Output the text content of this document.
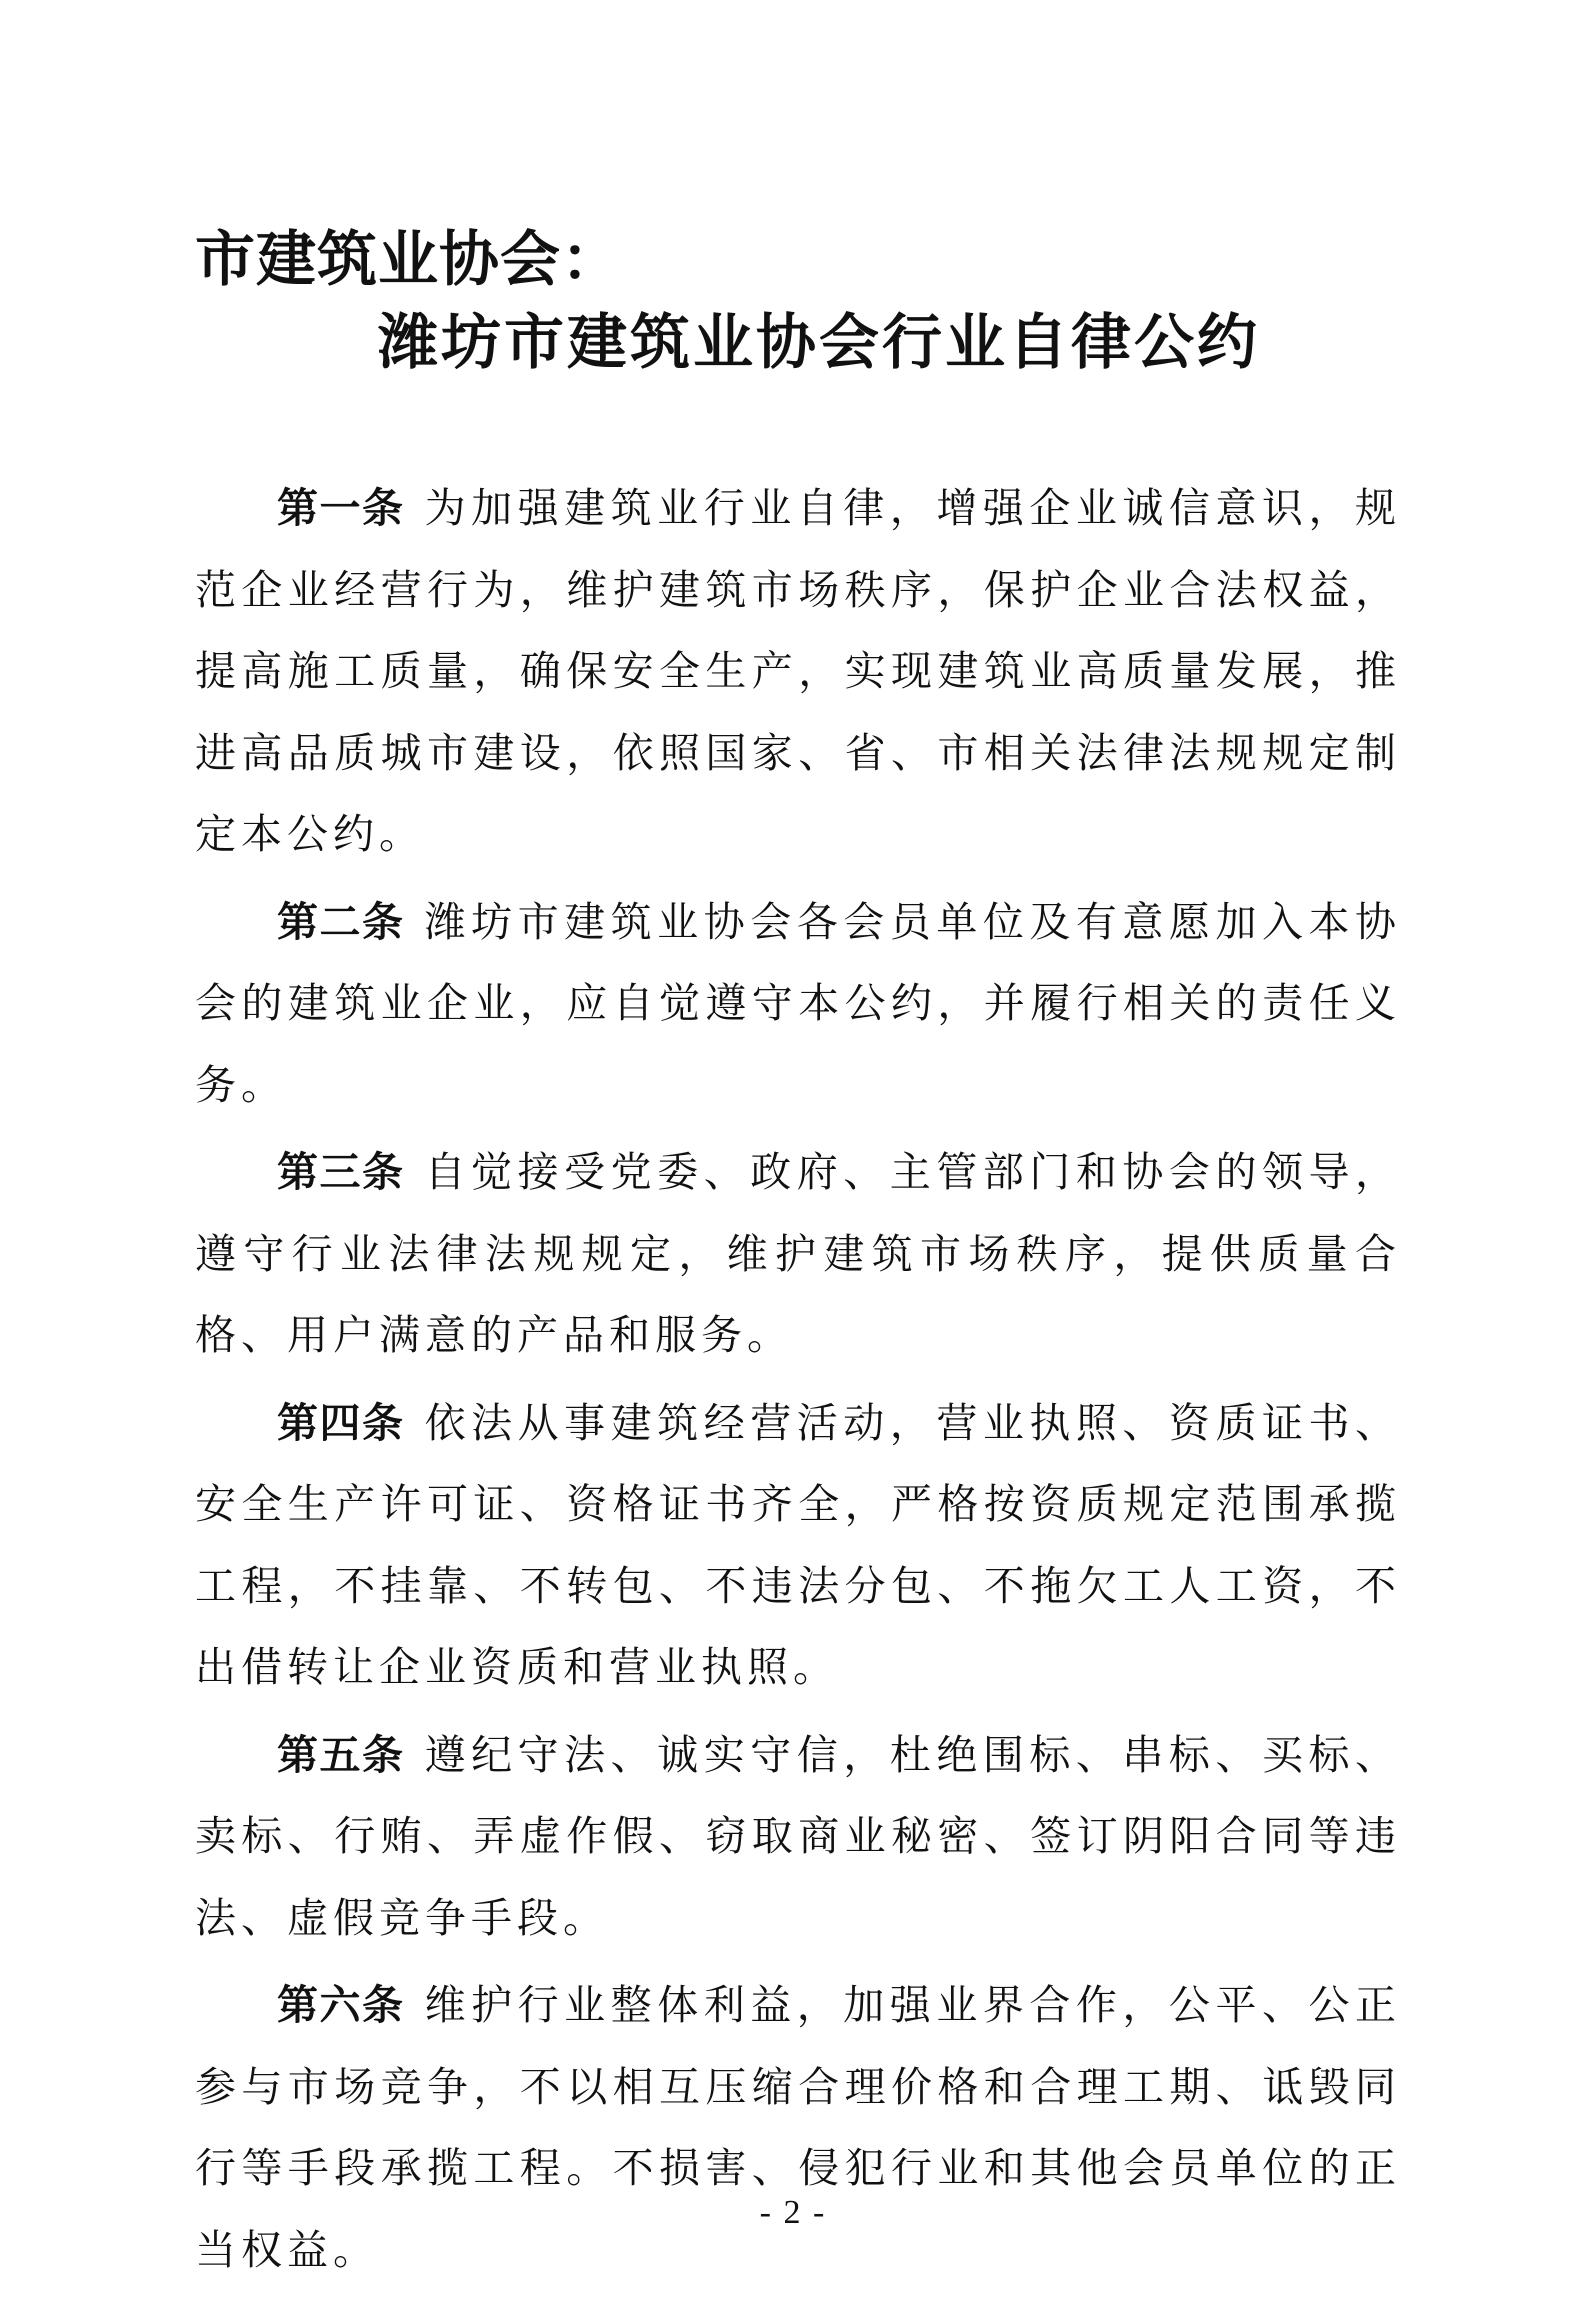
市建筑业协会：
潍坊市建筑业协会行业自律公约

第一条 为加强建筑业行业自律，增强企业诚信意识，规范企业经营行为，维护建筑市场秩序，保护企业合法权益，提高施工质量，确保安全生产，实现建筑业高质量发展，推进高品质城市建设，依照国家、省、市相关法律法规规定制定本公约。

第二条 潍坊市建筑业协会各会员单位及有意愿加入本协会的建筑业企业，应自觉遵守本公约，并履行相关的责任义务。

第三条 自觉接受党委、政府、主管部门和协会的领导，遵守行业法律法规规定，维护建筑市场秩序，提供质量合格、用户满意的产品和服务。

第四条 依法从事建筑经营活动，营业执照、资质证书、安全生产许可证、资格证书齐全，严格按资质规定范围承揽工程，不挂靠、不转包、不违法分包、不拖欠工人工资，不出借转让企业资质和营业执照。

第五条 遵纪守法、诚实守信，杜绝围标、串标、买标、卖标、行贿、弄虚作假、窃取商业秘密、签订阴阳合同等违法、虚假竞争手段。

第六条 维护行业整体利益，加强业界合作，公平、公正参与市场竞争，不以相互压缩合理价格和合理工期、诋毁同行等手段承揽工程。不损害、侵犯行业和其他会员单位的正当权益。

- 2 -
